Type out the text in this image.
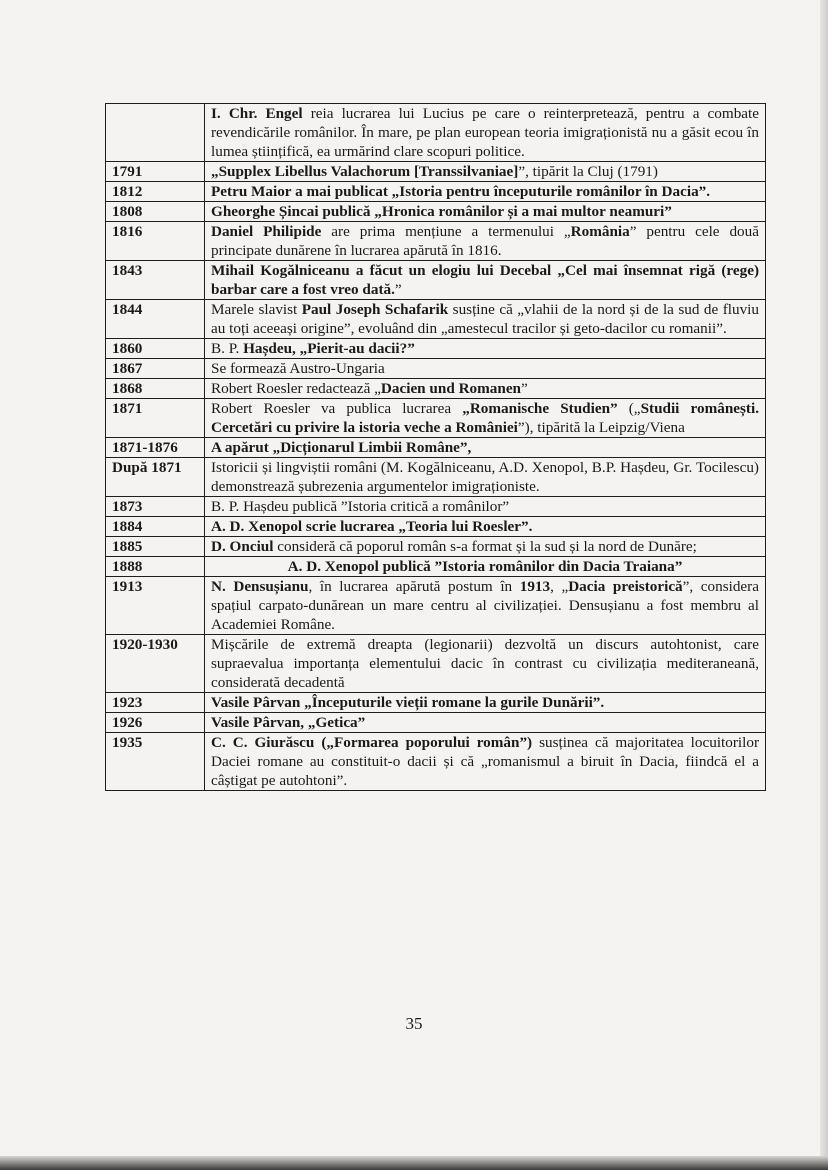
	I. Chr. Engel reia lucrarea lui Lucius pe care o reinterpretează, pentru a combate revendicările românilor. În mare, pe plan european teoria imigraționistă nu a găsit ecou în lumea științifică, ea urmărind clare scopuri politice.
1791	„Supplex Libellus Valachorum [Transsilvaniae]”, tipărit la Cluj (1791)
1812	Petru Maior a mai publicat „Istoria pentru începuturile românilor în Dacia”.
1808	Gheorghe Șincai publică „Hronica românilor și a mai multor neamuri”
1816	Daniel Philipide are prima mențiune a termenului „România” pentru cele două principate dunărene în lucrarea apărută în 1816.
1843	Mihail Kogălniceanu a făcut un elogiu lui Decebal „Cel mai însemnat rigă (rege) barbar care a fost vreo dată.”
1844	Marele slavist Paul Joseph Schafarik susține că „vlahii de la nord și de la sud de fluviu au toți aceeași origine”, evoluând din „amestecul tracilor și geto-dacilor cu romanii”.
1860	B. P. Hașdeu, „Pierit-au dacii?”
1867	Se formează Austro-Ungaria
1868	Robert Roesler redactează „Dacien und Romanen”
1871	Robert Roesler va publica lucrarea „Romanische Studien” („Studii românești. Cercetări cu privire la istoria veche a României”), tipărită la Leipzig/Viena
1871-1876	A apărut „Dicționarul Limbii Române”,
După 1871	Istoricii și lingviștii români (M. Kogălniceanu, A.D. Xenopol, B.P. Hașdeu, Gr. Tocilescu) demonstrează șubrezenia argumentelor imigraționiste.
1873	B. P. Hașdeu publică ”Istoria critică a românilor”
1884	A. D. Xenopol scrie lucrarea „Teoria lui Roesler”.
1885	D. Onciul consideră că poporul român s-a format și la sud și la nord de Dunăre;
1888	A. D. Xenopol publică ”Istoria românilor din Dacia Traiana”
1913	N. Densușianu, în lucrarea apărută postum în 1913, „Dacia preistorică”, considera spațiul carpato-dunărean un mare centru al civilizației. Densușianu a fost membru al Academiei Române.
1920-1930	Mișcările de extremă dreapta (legionarii) dezvoltă un discurs autohtonist, care supraevalua importanța elementului dacic în contrast cu civilizația mediteraneană, considerată decadentă
1923	Vasile Pârvan „Începuturile vieții romane la gurile Dunării”.
1926	Vasile Pârvan, „Getica”
1935	C. C. Giurăscu („Formarea poporului român”) susținea că majoritatea locuitorilor Daciei romane au constituit-o dacii și că „romanismul a biruit în Dacia, fiindcă el a câștigat pe autohtoni”.
35
